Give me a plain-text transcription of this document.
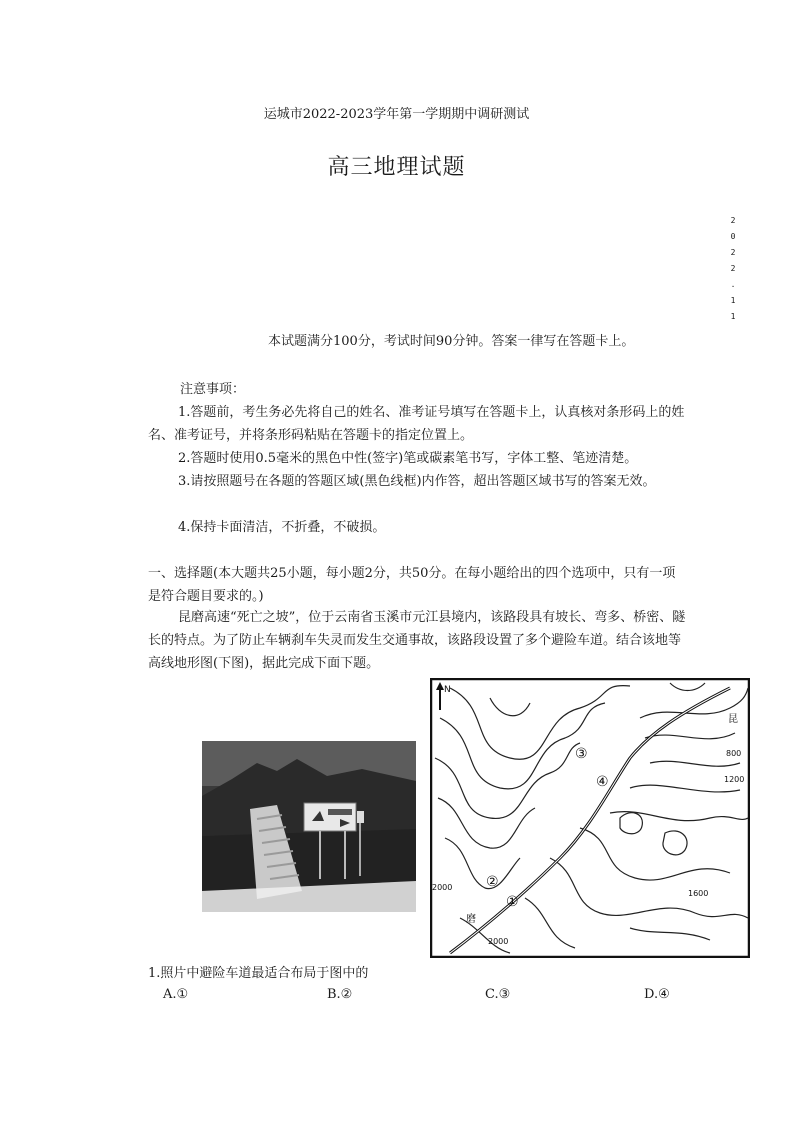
运城市2022-2023学年第一学期期中调研测试
高三地理试题
2
0
2
2
.
1
1
本试题满分100分，考试时间90分钟。答案一律写在答题卡上。
注意事项：
1.答题前，考生务必先将自己的姓名、准考证号填写在答题卡上，认真核对条形码上的姓名、准考证号，并将条形码粘贴在答题卡的指定位置上。
2.答题时使用0.5毫米的黑色中性(签字)笔或碳素笔书写，字体工整、笔迹清楚。
3.请按照题号在各题的答题区域(黑色线框)内作答，超出答题区域书写的答案无效。
4.保持卡面清洁，不折叠，不破损。
一、选择题(本大题共25小题，每小题2分，共50分。在每小题给出的四个选项中，只有一项是符合题目要求的。)
昆磨高速“死亡之坡”，位于云南省玉溪市元江县境内，该路段具有坡长、弯多、桥密、隧长的特点。为了防止车辆刹车失灵而发生交通事故，该路段设置了多个避险车道。结合该地等高线地形图(下图)，据此完成下面下题。
N
③
④
②
①
2000
2000
1600
800
1200
昆
磨
1.照片中避险车道最适合布局于图中的
A.①	B.②	C.③	D.④
